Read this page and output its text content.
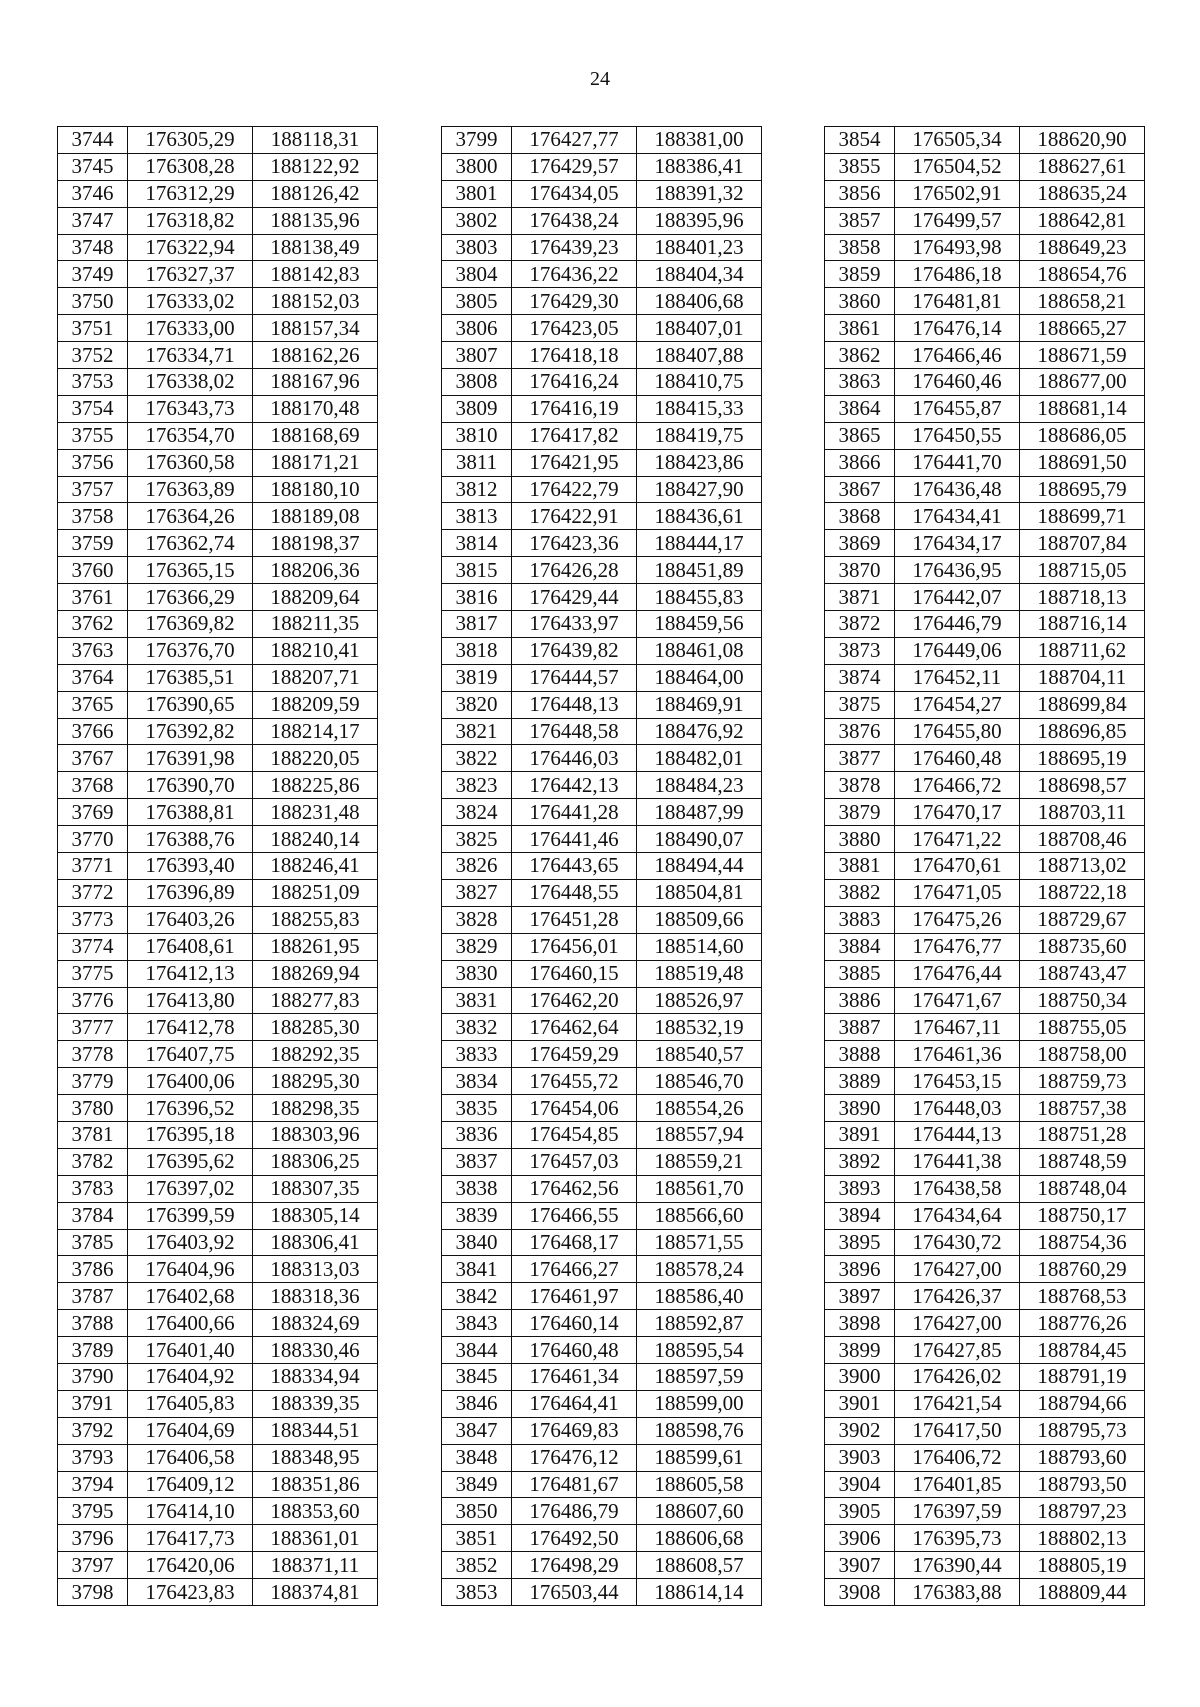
24
3744	176305,29	188118,31
3745	176308,28	188122,92
3746	176312,29	188126,42
3747	176318,82	188135,96
3748	176322,94	188138,49
3749	176327,37	188142,83
3750	176333,02	188152,03
3751	176333,00	188157,34
3752	176334,71	188162,26
3753	176338,02	188167,96
3754	176343,73	188170,48
3755	176354,70	188168,69
3756	176360,58	188171,21
3757	176363,89	188180,10
3758	176364,26	188189,08
3759	176362,74	188198,37
3760	176365,15	188206,36
3761	176366,29	188209,64
3762	176369,82	188211,35
3763	176376,70	188210,41
3764	176385,51	188207,71
3765	176390,65	188209,59
3766	176392,82	188214,17
3767	176391,98	188220,05
3768	176390,70	188225,86
3769	176388,81	188231,48
3770	176388,76	188240,14
3771	176393,40	188246,41
3772	176396,89	188251,09
3773	176403,26	188255,83
3774	176408,61	188261,95
3775	176412,13	188269,94
3776	176413,80	188277,83
3777	176412,78	188285,30
3778	176407,75	188292,35
3779	176400,06	188295,30
3780	176396,52	188298,35
3781	176395,18	188303,96
3782	176395,62	188306,25
3783	176397,02	188307,35
3784	176399,59	188305,14
3785	176403,92	188306,41
3786	176404,96	188313,03
3787	176402,68	188318,36
3788	176400,66	188324,69
3789	176401,40	188330,46
3790	176404,92	188334,94
3791	176405,83	188339,35
3792	176404,69	188344,51
3793	176406,58	188348,95
3794	176409,12	188351,86
3795	176414,10	188353,60
3796	176417,73	188361,01
3797	176420,06	188371,11
3798	176423,83	188374,81
3799	176427,77	188381,00
3800	176429,57	188386,41
3801	176434,05	188391,32
3802	176438,24	188395,96
3803	176439,23	188401,23
3804	176436,22	188404,34
3805	176429,30	188406,68
3806	176423,05	188407,01
3807	176418,18	188407,88
3808	176416,24	188410,75
3809	176416,19	188415,33
3810	176417,82	188419,75
3811	176421,95	188423,86
3812	176422,79	188427,90
3813	176422,91	188436,61
3814	176423,36	188444,17
3815	176426,28	188451,89
3816	176429,44	188455,83
3817	176433,97	188459,56
3818	176439,82	188461,08
3819	176444,57	188464,00
3820	176448,13	188469,91
3821	176448,58	188476,92
3822	176446,03	188482,01
3823	176442,13	188484,23
3824	176441,28	188487,99
3825	176441,46	188490,07
3826	176443,65	188494,44
3827	176448,55	188504,81
3828	176451,28	188509,66
3829	176456,01	188514,60
3830	176460,15	188519,48
3831	176462,20	188526,97
3832	176462,64	188532,19
3833	176459,29	188540,57
3834	176455,72	188546,70
3835	176454,06	188554,26
3836	176454,85	188557,94
3837	176457,03	188559,21
3838	176462,56	188561,70
3839	176466,55	188566,60
3840	176468,17	188571,55
3841	176466,27	188578,24
3842	176461,97	188586,40
3843	176460,14	188592,87
3844	176460,48	188595,54
3845	176461,34	188597,59
3846	176464,41	188599,00
3847	176469,83	188598,76
3848	176476,12	188599,61
3849	176481,67	188605,58
3850	176486,79	188607,60
3851	176492,50	188606,68
3852	176498,29	188608,57
3853	176503,44	188614,14
3854	176505,34	188620,90
3855	176504,52	188627,61
3856	176502,91	188635,24
3857	176499,57	188642,81
3858	176493,98	188649,23
3859	176486,18	188654,76
3860	176481,81	188658,21
3861	176476,14	188665,27
3862	176466,46	188671,59
3863	176460,46	188677,00
3864	176455,87	188681,14
3865	176450,55	188686,05
3866	176441,70	188691,50
3867	176436,48	188695,79
3868	176434,41	188699,71
3869	176434,17	188707,84
3870	176436,95	188715,05
3871	176442,07	188718,13
3872	176446,79	188716,14
3873	176449,06	188711,62
3874	176452,11	188704,11
3875	176454,27	188699,84
3876	176455,80	188696,85
3877	176460,48	188695,19
3878	176466,72	188698,57
3879	176470,17	188703,11
3880	176471,22	188708,46
3881	176470,61	188713,02
3882	176471,05	188722,18
3883	176475,26	188729,67
3884	176476,77	188735,60
3885	176476,44	188743,47
3886	176471,67	188750,34
3887	176467,11	188755,05
3888	176461,36	188758,00
3889	176453,15	188759,73
3890	176448,03	188757,38
3891	176444,13	188751,28
3892	176441,38	188748,59
3893	176438,58	188748,04
3894	176434,64	188750,17
3895	176430,72	188754,36
3896	176427,00	188760,29
3897	176426,37	188768,53
3898	176427,00	188776,26
3899	176427,85	188784,45
3900	176426,02	188791,19
3901	176421,54	188794,66
3902	176417,50	188795,73
3903	176406,72	188793,60
3904	176401,85	188793,50
3905	176397,59	188797,23
3906	176395,73	188802,13
3907	176390,44	188805,19
3908	176383,88	188809,44
